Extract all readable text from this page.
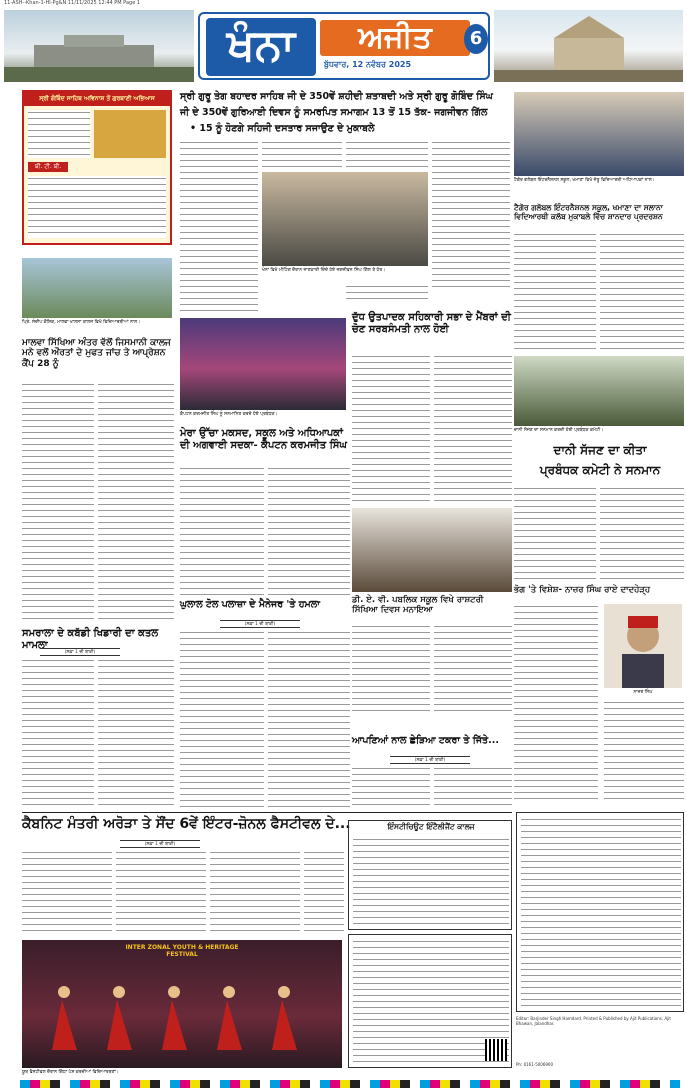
11-ASH--Khan-1-Hl-Pg&Ñ 11/11/2025 12:44 PM Page 1
ਖੰਨਾ	ਅਜੀਤ
ਬੁੱਧਵਾਰ, 12 ਨਵੰਬਰ 2025
6
ਸ੍ਰੀ ਗੋਬਿੰਦ ਸਾਹਿਬ ਅਵਿਨਾਸ਼ ਤੋਂ ਗੁਰਬਾਣੀ ਅਭਿਆਸ
ਬੀ. ਟੀ. ਬੀ.
ਪ੍ਰਿੰ. ਸੰਦੀਪ ਕੌਸ਼ਿਕ, ਮਾਲਵਾ ਖਾਲਸਾ ਕਾਲਜ ਵਿਖੇ ਵਿਦਿਆਰਥੀਆਂ ਨਾਲ।
ਮਾਲਵਾ ਸਿੱਖਿਆ ਅੰਤਰ ਵੱਲੋਂ ਜਿਸਮਾਨੀ ਕਾਲਜ ਮਨੇ ਵਲੋਂ ਔਰਤਾਂ ਦੇ ਮੁਫਤ ਜਾਂਚ ਤੇ ਆਪ੍ਰੇਸ਼ਨ ਕੈਂਪ 28 ਨੂੰ
ਸਮਰਾਲਾ ਦੇ ਕਬੱਡੀ ਖਿਡਾਰੀ ਦਾ ਕਤਲ ਮਾਮਲਾ
(ਸਫ਼ਾ 1 ਦੀ ਬਾਕੀ)
ਸ੍ਰੀ ਗੁਰੂ ਤੇਗ ਬਹਾਦਰ ਸਾਹਿਬ ਜੀ ਦੇ 350ਵੇਂ ਸ਼ਹੀਦੀ ਸ਼ਤਾਬਦੀ ਅਤੇ ਸ੍ਰੀ ਗੁਰੂ ਗੋਬਿੰਦ ਸਿੰਘ
ਜੀ ਦੇ 350ਵੇਂ ਗੁਰਿਆਈ ਦਿਵਸ ਨੂੰ ਸਮਰਪਿਤ ਸਮਾਗਮ 13 ਤੋਂ 15 ਤੱਕ- ਜਗਜੀਵਨ ਗਿੱਲ
• 15 ਨੂੰ ਹੋਣਗੇ ਸਹਿਜੀ ਦਸਤਾਰ ਸਜਾਉਣ ਦੇ ਮੁਕਾਬਲੇ
ਖੰਨਾ ਵਿਖੇ ਮੀਟਿੰਗ ਦੌਰਾਨ ਜਾਣਕਾਰੀ ਦਿੰਦੇ ਹੋਏ ਜਗਜੀਵਨ ਸਿੰਘ ਗਿੱਲ ਤੇ ਹੋਰ।
ਕੈਪਟਨ ਕਰਮਜੀਤ ਸਿੰਘ ਨੂੰ ਸਨਮਾਨਿਤ ਕਰਦੇ ਹੋਏ ਪ੍ਰਬੰਧਕ।
ਮੇਰਾ ਉੱਚਾ ਮਕਸਦ, ਸਕੂਲ ਅਤੇ ਅਧਿਆਪਕਾਂ ਦੀ ਅਗਵਾਈ ਸਦਕਾ- ਕੈਪਟਨ ਕਰਮਜੀਤ ਸਿੰਘ
ਦੁੱਧ ਉਤਪਾਦਕ ਸਹਿਕਾਰੀ ਸਭਾ ਦੇ ਮੈਂਬਰਾਂ ਦੀ ਚੋਣ ਸਰਬਸੰਮਤੀ ਨਾਲ ਹੋਈ
ਡੀ. ਏ. ਵੀ. ਪਬਲਿਕ ਸਕੂਲ ਵਿਖੇ ਰਾਸ਼ਟਰੀ ਸਿੱਖਿਆ ਦਿਵਸ ਮਨਾਇਆ
ਘੁਲਾਲ ਟੋਲ ਪਲਾਜ਼ਾ ਦੇ ਮੈਨੇਜਰ 'ਤੇ ਹਮਲਾ
(ਸਫ਼ਾ 1 ਦੀ ਬਾਕੀ)
ਆਪਣਿਆਂ ਨਾਲ ਛੇੜਿਆ ਟਕਰਾ ਤੇ ਜਿੱਤੇ...
(ਸਫ਼ਾ 1 ਦੀ ਬਾਕੀ)
ਟੈਗੋਰ ਗਲੋਬਲ ਇੰਟਰਨੈਸ਼ਨਲ ਸਕੂਲ, ਖਮਾਣਾ ਵਿਖੇ ਜੇਤੂ ਵਿਦਿਆਰਥੀ ਅਧਿਆਪਕਾਂ ਨਾਲ।
ਟੈਗੋਰ ਗਲੋਬਲ ਇੰਟਰਨੈਸ਼ਨਲ ਸਕੂਲ, ਖਮਾਣਾ ਦਾ ਸਲਾਨਾ ਵਿਦਿਆਰਥੀ ਕਲੱਬ ਮੁਕਾਬਲੇ ਵਿੱਚ ਸ਼ਾਨਦਾਰ ਪ੍ਰਦਰਸ਼ਨ
ਦਾਨੀ ਸੱਜਣ ਦਾ ਸਨਮਾਨ ਕਰਦੀ ਹੋਈ ਪ੍ਰਬੰਧਕ ਕਮੇਟੀ।
ਦਾਨੀ ਸੱਜਣ ਦਾ ਕੀਤਾ
ਪ੍ਰਬੰਧਕ ਕਮੇਟੀ ਨੇ ਸਨਮਾਨ
ਭੋਗ 'ਤੇ ਵਿਸ਼ੇਸ਼- ਨਾਜ਼ਰ ਸਿੰਘ ਰਾਏ ਦਾਦਹੇੜ੍ਹ
ਨਾਜ਼ਰ ਸਿੰਘ
ਕੈਬਨਿਟ ਮੰਤਰੀ ਅਰੋੜਾ ਤੇ ਸੌਂਦ 6ਵੇਂ ਇੰਟਰ-ਜ਼ੋਨਲ ਫੈਸਟੀਵਲ ਦੇ...
(ਸਫ਼ਾ 1 ਦੀ ਬਾਕੀ)
INTER ZONAL YOUTH & HERITAGE FESTIVAL
ਯੂਥ ਫੈਸਟੀਵਲ ਦੌਰਾਨ ਗਿੱਧਾ ਪੇਸ਼ ਕਰਦੀਆਂ ਵਿਦਿਆਰਥਣਾਂ।
ਇੰਸਟੀਚਿਊਟ ਇੰਟੈਲੀਜੈਂਟ ਕਾਲਜ
Editor: Barjinder Singh Hamdard. Printed & Published by Ajit Publications, Ajit Bhawan, Jalandhar.
Ph: 0161-5006900
